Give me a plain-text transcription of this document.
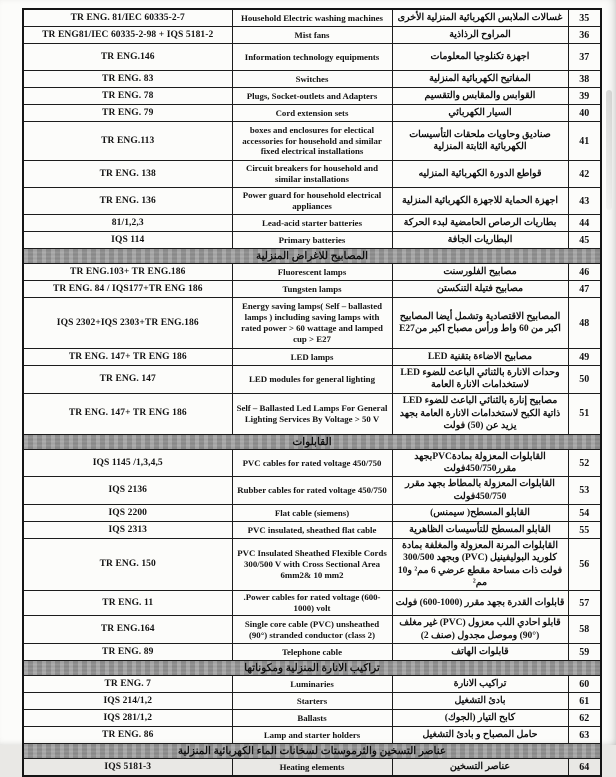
TR ENG. 81/IEC 60335-2-7	Household Electric washing machines	غسالات الملابس الكهربائية المنزلية الأخرى	35
TR ENG81/IEC 60335-2-98 + IQS 5181-2	Mist fans	المراوح الرذاذية	36
TR ENG.146	Information technology equipments	اجهزة تكنلوجيا المعلومات	37
TR ENG. 83	Switches	المفاتيح الكهربائية المنزلية	38
TR ENG. 78	Plugs, Socket-outlets and Adapters	القوابس والمقابس والتقسيم	39
TR ENG. 79	Cord extension sets	السيار الكهربائي	40
TR ENG.113	boxes and enclosures for electical accessories for household and similar fixed electrical installations	صناديق وحاويات ملحقات التأسيسات الكهربائية الثابتة المنزلية	41
TR ENG. 138	Circuit breakers for household and similar installations	قواطع الدورة الكهربائية المنزليه	42
TR ENG. 136	Power guard for household electrical appliances	اجهزة الحماية للاجهزة الكهربائية المنزلية	43
81/1,2,3	Lead-acid starter batteries	بطاريات الرصاص الحامضية لبدء الحركة	44
IQS 114	Primary batteries	البطاريات الجافة	45
المصابيح للاغراض المنزلية			
TR ENG.103+ TR ENG.186	Fluorescent lamps	مصابيح الفلورسنت	46
TR ENG. 84 / IQS177+TR ENG 186	Tungsten lamps	مصابيح فتيلة التنكستن	47
IQS 2302+IQS 2303+TR ENG.186	Energy saving lamps( Self – ballasted lamps ) including saving lamps with rated power > 60 wattage and lamped cup > E27	المصابيح الاقتصادية وتشمل أيضا المصابيح اكبر من 60 واط ورأس مصباح اكبر منE27	48
TR ENG. 147+ TR ENG 186	LED lamps	مصابيح الاضاءة بتقنية LED	49
TR ENG. 147	LED modules for general lighting	وحدات الانارة بالثنائي الباعث للضوء LED لاستخدامات الانارة العامة	50
TR ENG. 147+ TR ENG 186	Self – Ballasted Led Lamps For General Lighting Services By Voltage > 50 V	مصابيح إنارة بالثنائي الباعث للضوء LED ذاتية الكبح لاستخدامات الانارة العامة بجهد يزيد عن (50) فولت	51
القابلوات			
IQS 1145 /1,3,4,5	PVC cables for rated voltage 450/750	القابلوات المعزولة بمادةPVCبجهد مقرر450/750فولت	52
IQS 2136	Rubber cables for rated voltage 450/750	القابلوات المعزولة بالمطاط بجهد مقرر 450/750فولت	53
IQS 2200	Flat cable (siemens)	القابلو المسطح( سيمنس)	54
IQS 2313	PVC insulated, sheathed flat cable	القابلو المسطح للتأسيسات الظاهرية	55
TR ENG. 150	PVC Insulated Sheathed Flexible Cords 300/500 V with Cross Sectional Area 6mm2& 10 mm2	القابلوات المرنة المعزولة والمغلفة بمادة كلوريد البوليفينيل (PVC) وبجهد 300/500 فولت ذات مساحة مقطع عرضي 6 مم² و10 مم²	56
TR ENG. 11	.Power cables for rated voltage (600-1000) volt	قابلوات القدرة بجهد مقرر (1000-600) فولت	57
TR ENG.164	Single core cable (PVC) unsheathed (90°) stranded conductor (class 2)	قابلو احادي اللب معزول (PVC) غير مغلف (°90) وموصل مجدول (صنف 2)	58
TR ENG. 89	Telephone cable	قابلوات الهاتف	59
تراكيب الانارة المنزلية ومكوناتها			
TR ENG. 7	Luminaries	تراكيب الانارة	60
IQS 214/1,2	Starters	بادئ التشغيل	61
IQS 281/1,2	Ballasts	كابح التيار (الجوك)	62
TR ENG. 86	Lamp and starter holders	حامل المصباح و بادئ التشغيل	63
عناصر التسخين والثرموستات لسخانات الماء الكهربائية المنزلية			
IQS 5181-3	Heating elements	عناصر التسخين	64
